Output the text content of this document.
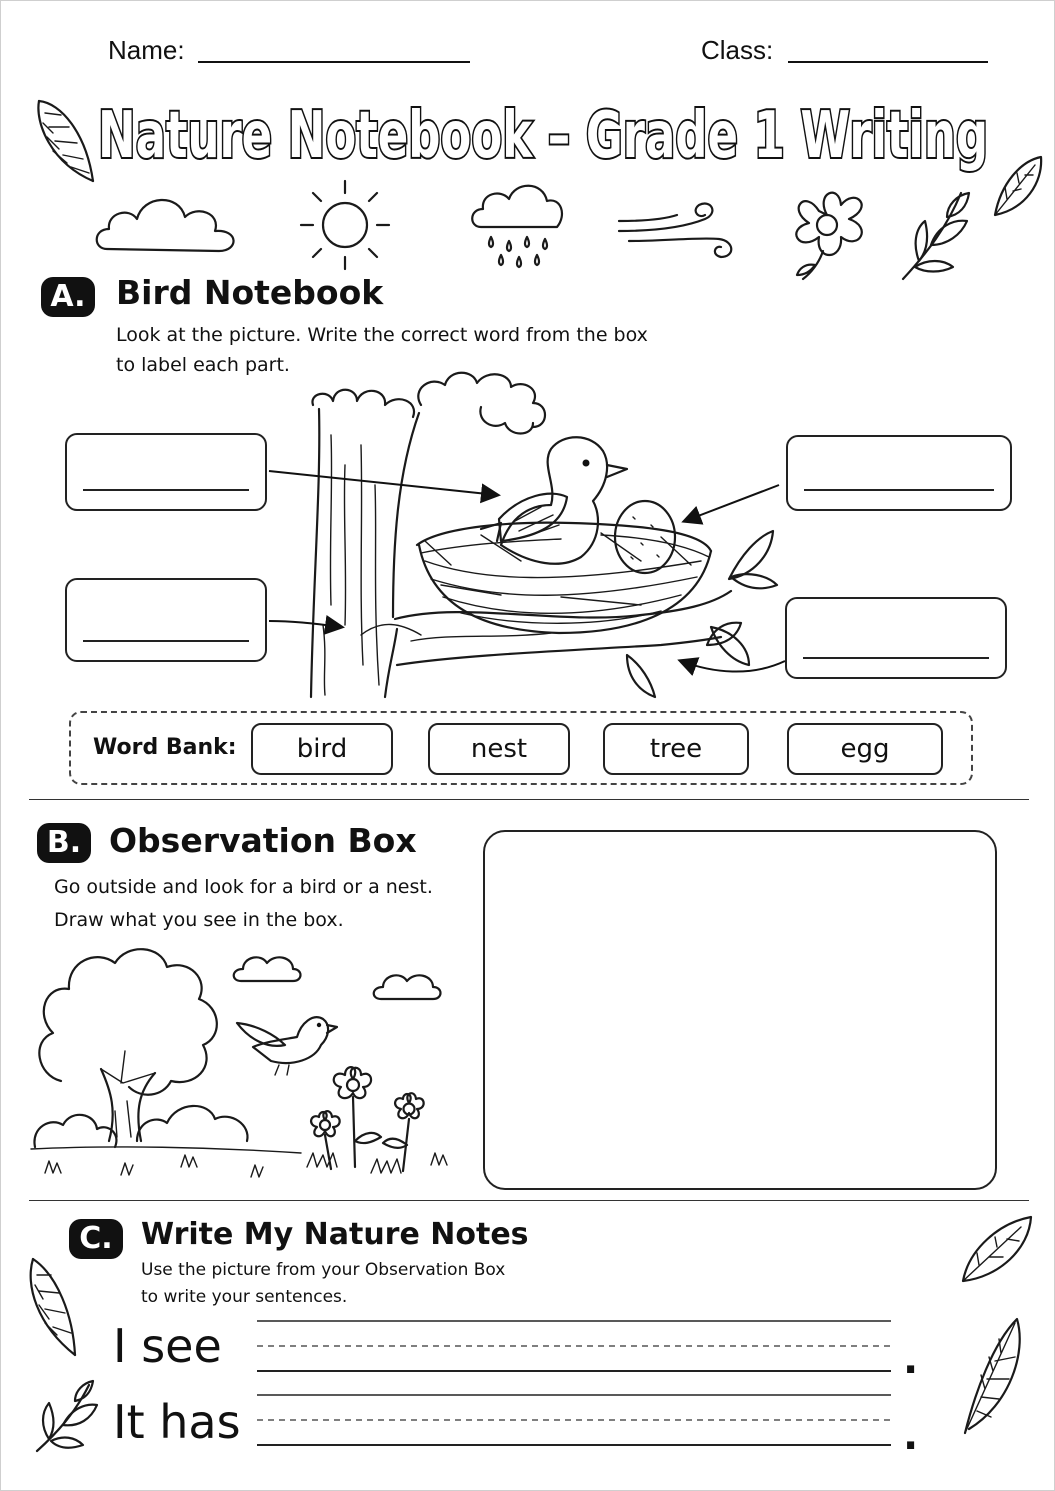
Name:	Class:
Nature Notebook – Grade 1 Writing
A. Bird Notebook
Look at the picture. Write the correct word from the box
to label each part.
Word Bank:	bird	nest	tree	egg
B. Observation Box
Go outside and look for a bird or a nest.
Draw what you see in the box.
C. Write My Nature Notes
Use the picture from your Observation Box
to write your sentences.
I see	.
It has	.
